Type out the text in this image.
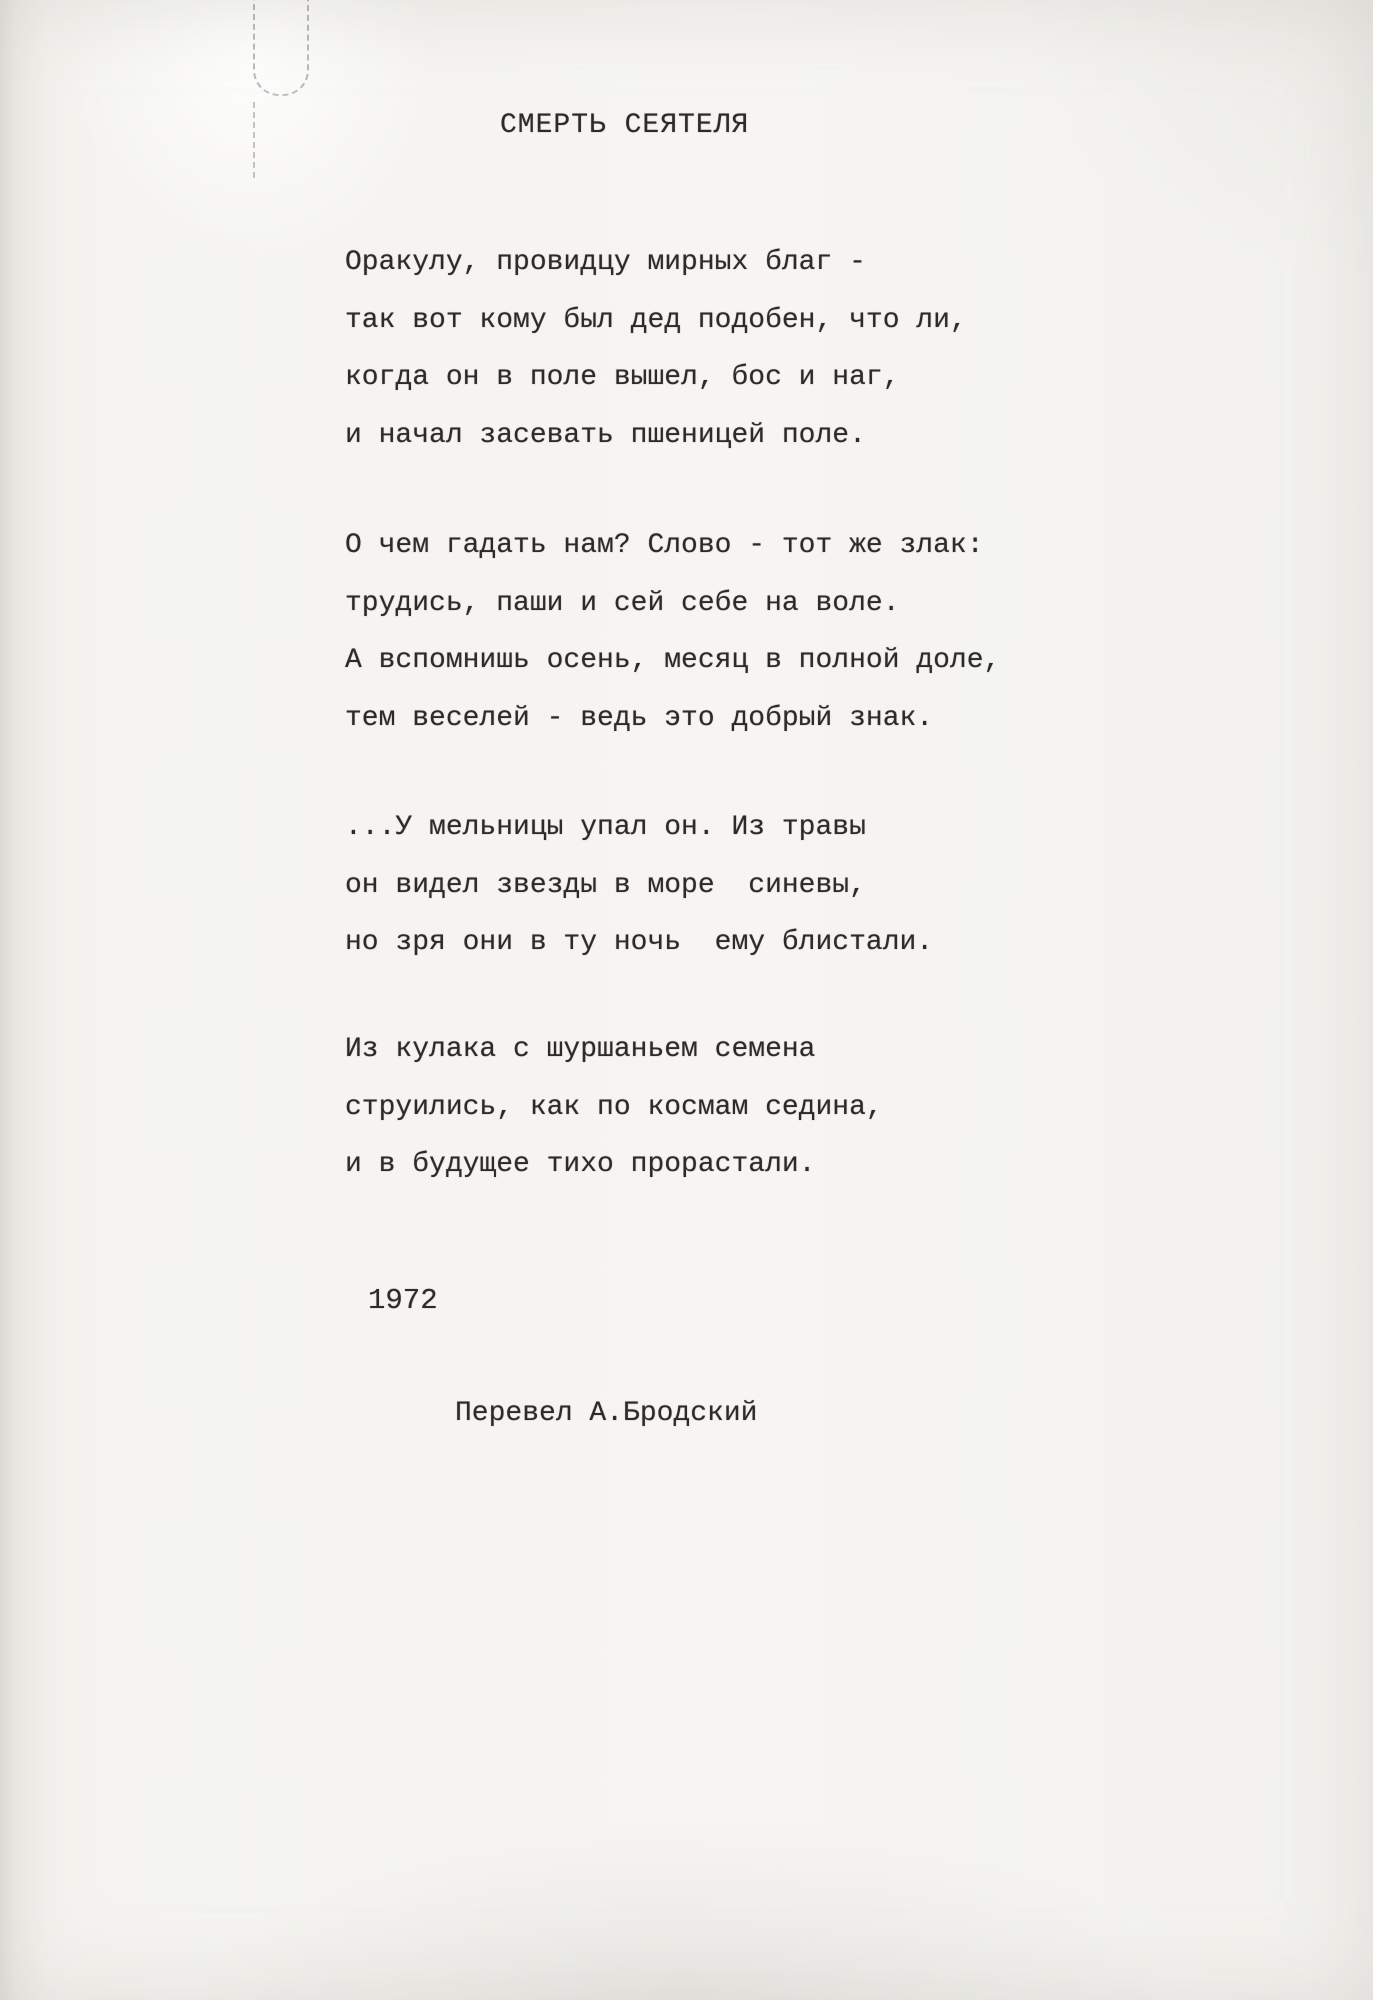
СМЕРТЬ СЕЯТЕЛЯ
Оракулу, провидцу мирных благ -
так вот кому был дед подобен, что ли,
когда он в поле вышел, бос и наг,
и начал засевать пшеницей поле.
О чем гадать нам? Слово - тот же злак:
трудись, паши и сей себе на воле.
А вспомнишь осень, месяц в полной доле,
тем веселей - ведь это добрый знак.
...У мельницы упал он. Из травы
он видел звезды в море  синевы,
но зря они в ту ночь  ему блистали.
Из кулака с шуршаньем семена
струились, как по космам седина,
и в будущее тихо прорастали.
1972
Перевел А.Бродский
